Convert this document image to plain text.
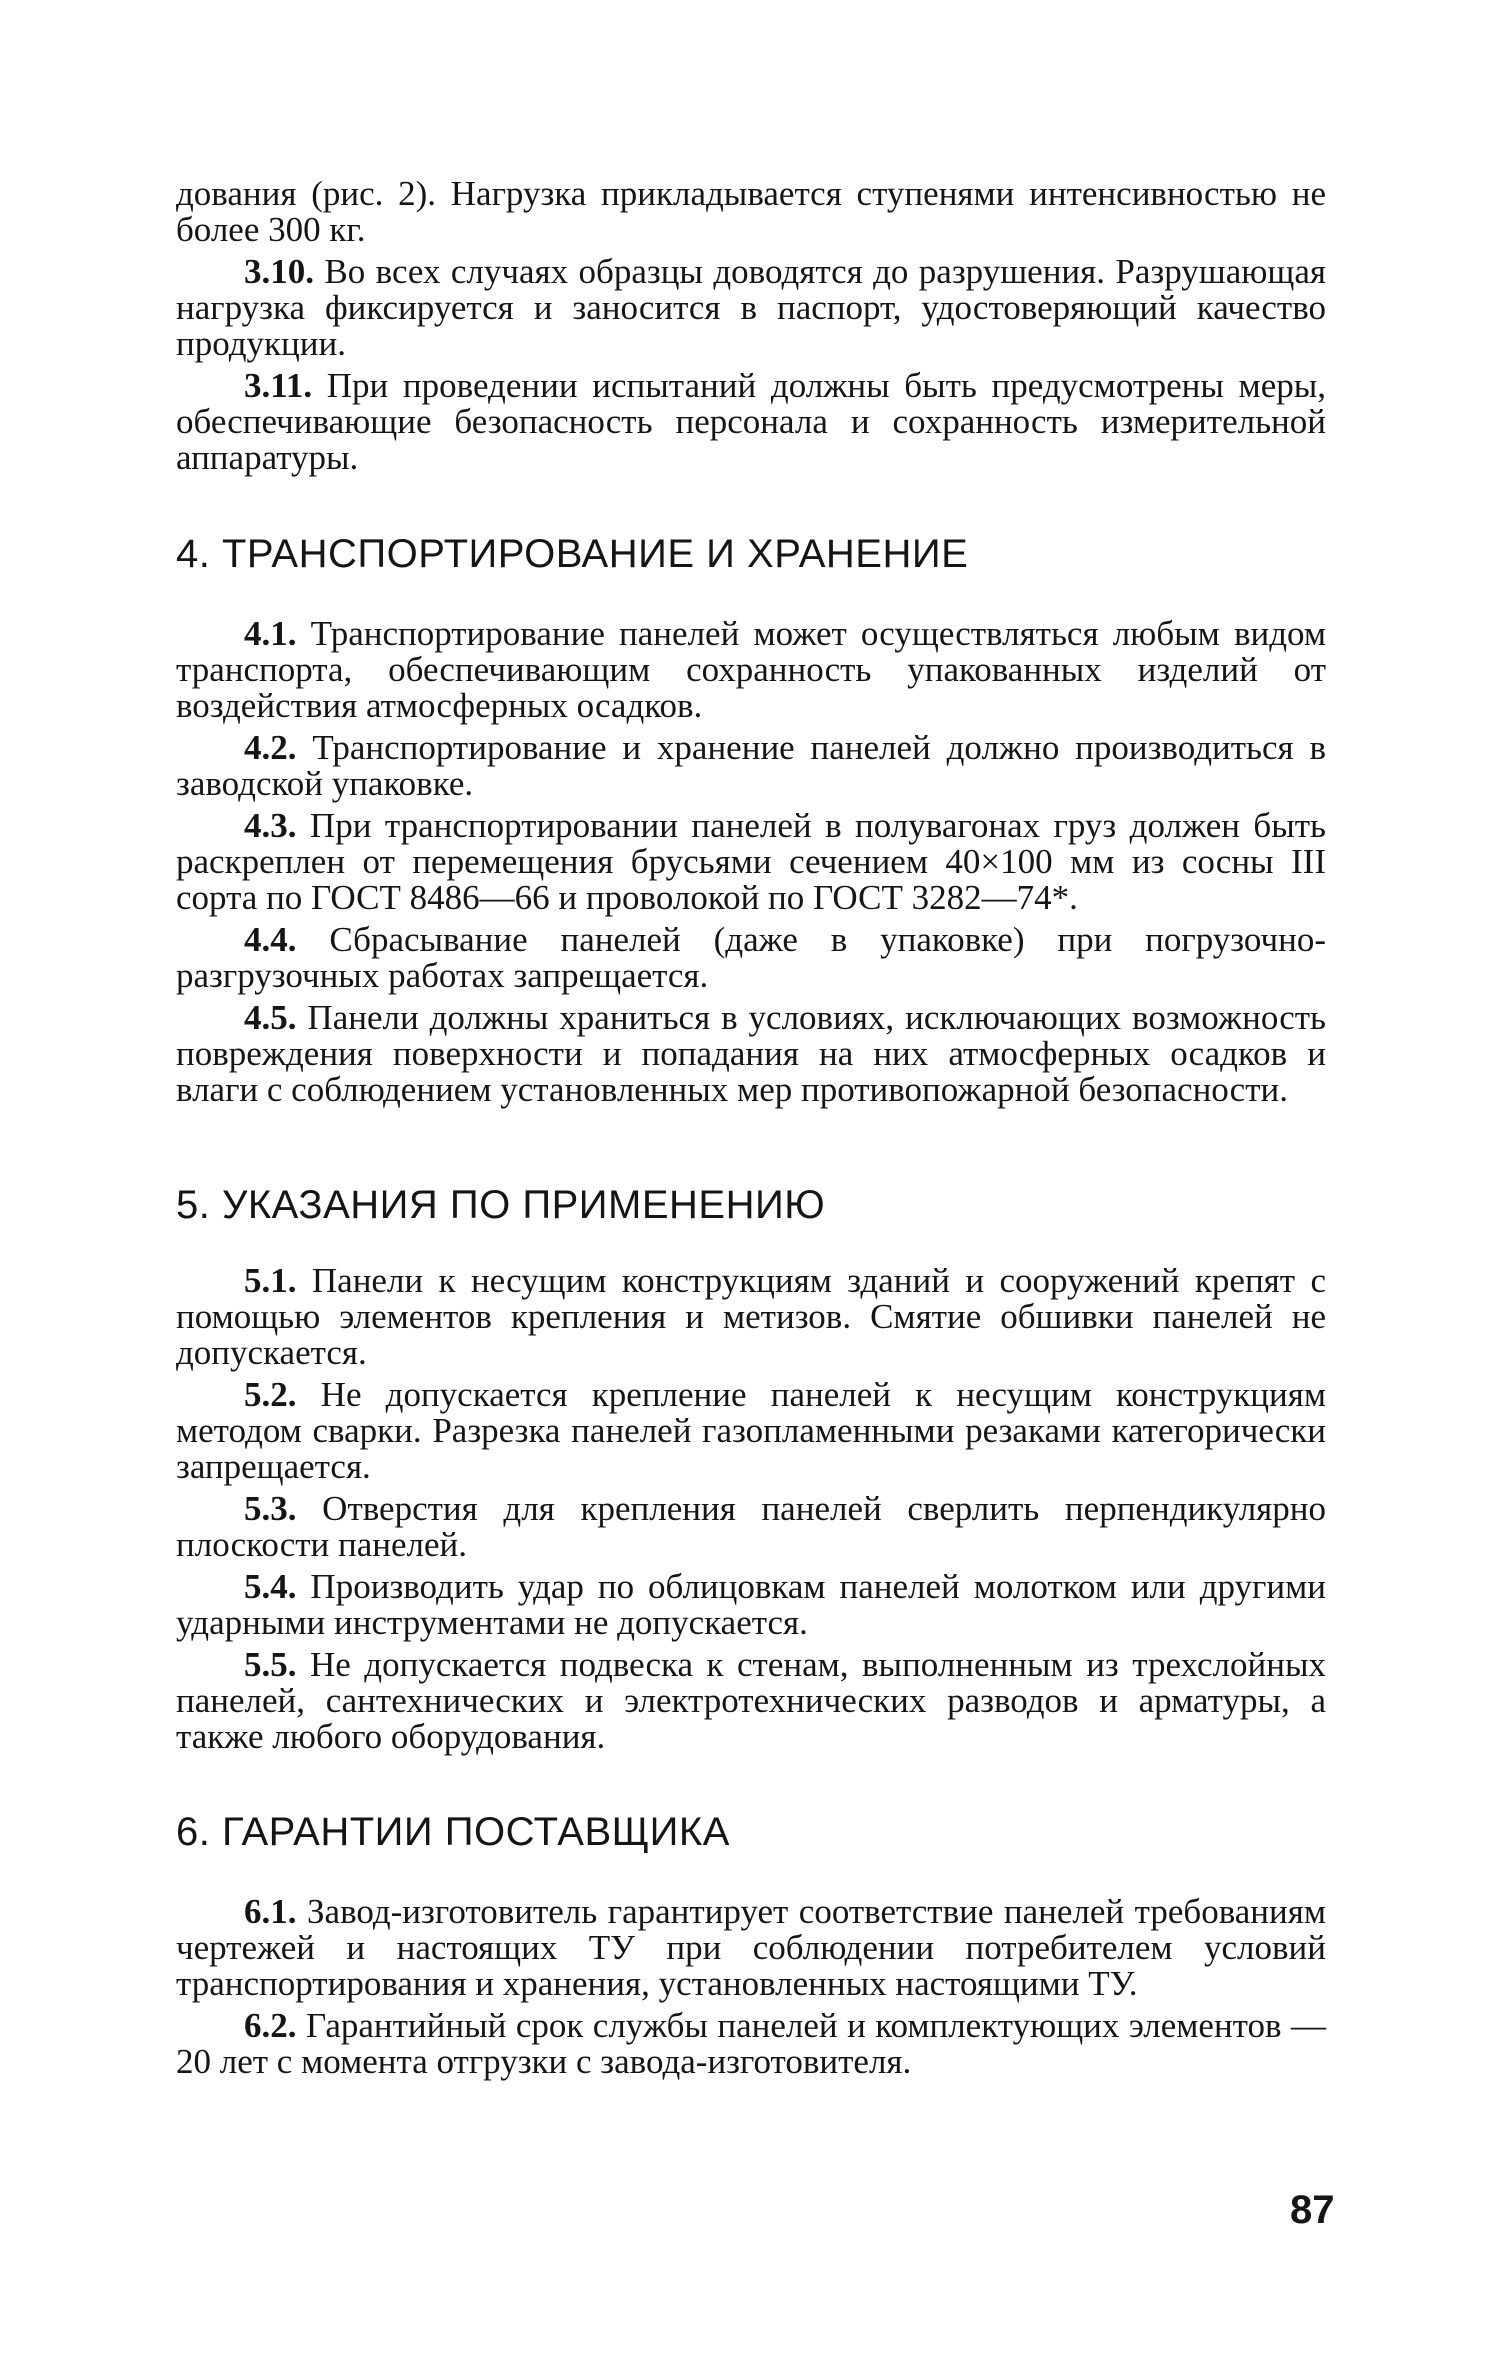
дования (рис. 2). Нагрузка прикладывается ступенями интенсивностью не более 300 кг.

3.10. Во всех случаях образцы доводятся до разрушения. Разрушающая нагрузка фиксируется и заносится в паспорт, удостоверяющий качество продукции.

3.11. При проведении испытаний должны быть предусмотрены меры, обеспечивающие безопасность персонала и сохранность измерительной аппаратуры.

4. ТРАНСПОРТИРОВАНИЕ И ХРАНЕНИЕ

4.1. Транспортирование панелей может осуществляться любым видом транспорта, обеспечивающим сохранность упакованных изделий от воздействия атмосферных осадков.

4.2. Транспортирование и хранение панелей должно производиться в заводской упаковке.

4.3. При транспортировании панелей в полувагонах груз должен быть раскреплен от перемещения брусьями сечением 40×100 мм из сосны III сорта по ГОСТ 8486—66 и проволокой по ГОСТ 3282—74*.

4.4. Сбрасывание панелей (даже в упаковке) при погрузочно-разгрузочных работах запрещается.

4.5. Панели должны храниться в условиях, исключающих возможность повреждения поверхности и попадания на них атмосферных осадков и влаги с соблюдением установленных мер противопожарной безопасности.

5. УКАЗАНИЯ ПО ПРИМЕНЕНИЮ

5.1. Панели к несущим конструкциям зданий и сооружений крепят с помощью элементов крепления и метизов. Смятие обшивки панелей не допускается.

5.2. Не допускается крепление панелей к несущим конструкциям методом сварки. Разрезка панелей газопламенными резаками категорически запрещается.

5.3. Отверстия для крепления панелей сверлить перпендикулярно плоскости панелей.

5.4. Производить удар по облицовкам панелей молотком или другими ударными инструментами не допускается.

5.5. Не допускается подвеска к стенам, выполненным из трехслойных панелей, сантехнических и электротехнических разводов и арматуры, а также любого оборудования.

6. ГАРАНТИИ ПОСТАВЩИКА

6.1. Завод-изготовитель гарантирует соответствие панелей требованиям чертежей и настоящих ТУ при соблюдении потребителем условий транспортирования и хранения, установленных настоящими ТУ.

6.2. Гарантийный срок службы панелей и комплектующих элементов — 20 лет с момента отгрузки с завода-изготовителя.

87
